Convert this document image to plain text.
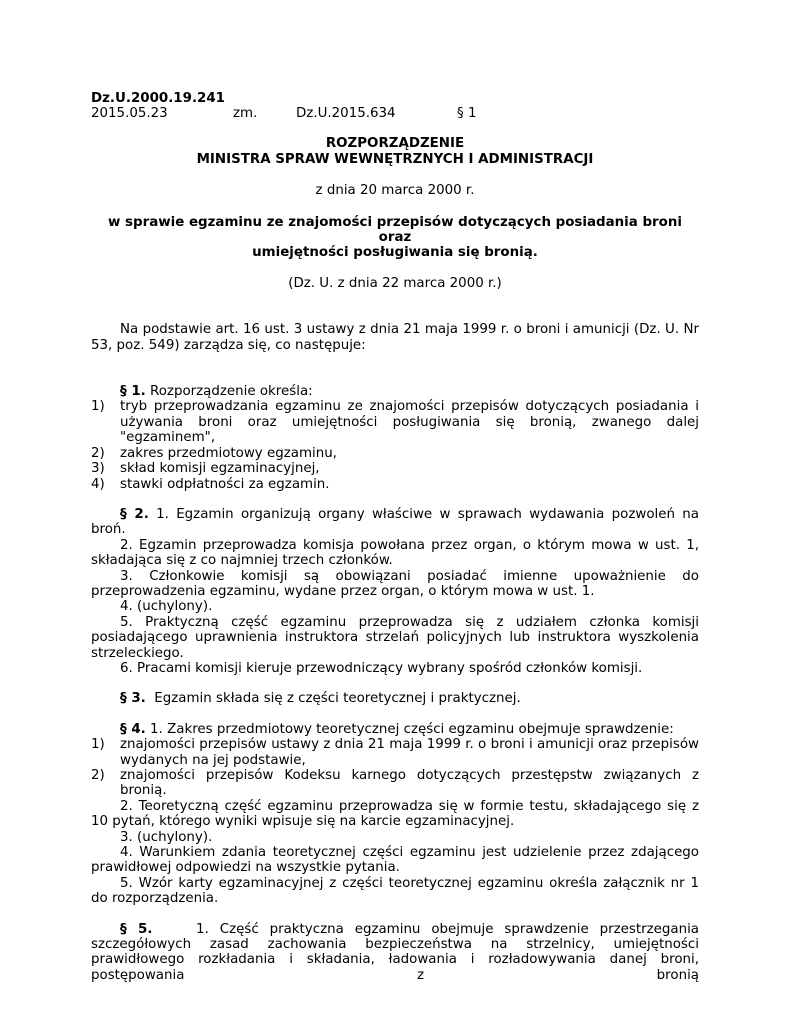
Dz.U.2000.19.241
2015.05.23	zm.	Dz.U.2015.634	§ 1
ROZPORZĄDZENIE
MINISTRA SPRAW WEWNĘTRZNYCH I ADMINISTRACJI
z dnia 20 marca 2000 r.
w sprawie egzaminu ze znajomości przepisów dotyczących posiadania broni oraz
umiejętności posługiwania się bronią.
(Dz. U. z dnia 22 marca 2000 r.)
Na podstawie art. 16 ust. 3 ustawy z dnia 21 maja 1999 r. o broni i amunicji (Dz. U. Nr 53, poz. 549) zarządza się, co następuje:
§ 1. Rozporządzenie określa:
1) tryb przeprowadzania egzaminu ze znajomości przepisów dotyczących posiadania i używania broni oraz umiejętności posługiwania się bronią, zwanego dalej "egzaminem",
2) zakres przedmiotowy egzaminu,
3) skład komisji egzaminacyjnej,
4) stawki odpłatności za egzamin.
§ 2. 1. Egzamin organizują organy właściwe w sprawach wydawania pozwoleń na broń.
2. Egzamin przeprowadza komisja powołana przez organ, o którym mowa w ust. 1, składająca się z co najmniej trzech członków.
3. Członkowie komisji są obowiązani posiadać imienne upoważnienie do przeprowadzenia egzaminu, wydane przez organ, o którym mowa w ust. 1.
4. (uchylony).
5. Praktyczną część egzaminu przeprowadza się z udziałem członka komisji posiadającego uprawnienia instruktora strzelań policyjnych lub instruktora wyszkolenia strzeleckiego.
6. Pracami komisji kieruje przewodniczący wybrany spośród członków komisji.
§ 3. Egzamin składa się z części teoretycznej i praktycznej.
§ 4. 1. Zakres przedmiotowy teoretycznej części egzaminu obejmuje sprawdzenie:
1) znajomości przepisów ustawy z dnia 21 maja 1999 r. o broni i amunicji oraz przepisów wydanych na jej podstawie,
2) znajomości przepisów Kodeksu karnego dotyczących przestępstw związanych z bronią.
2. Teoretyczną część egzaminu przeprowadza się w formie testu, składającego się z 10 pytań, którego wyniki wpisuje się na karcie egzaminacyjnej.
3. (uchylony).
4. Warunkiem zdania teoretycznej części egzaminu jest udzielenie przez zdającego prawidłowej odpowiedzi na wszystkie pytania.
5. Wzór karty egzaminacyjnej z części teoretycznej egzaminu określa załącznik nr 1 do rozporządzenia.
§ 5.	1. Część praktyczna egzaminu obejmuje sprawdzenie przestrzegania szczegółowych zasad zachowania bezpieczeństwa na strzelnicy, umiejętności prawidłowego rozkładania i składania, ładowania i rozładowywania danej broni, postępowania z bronią
